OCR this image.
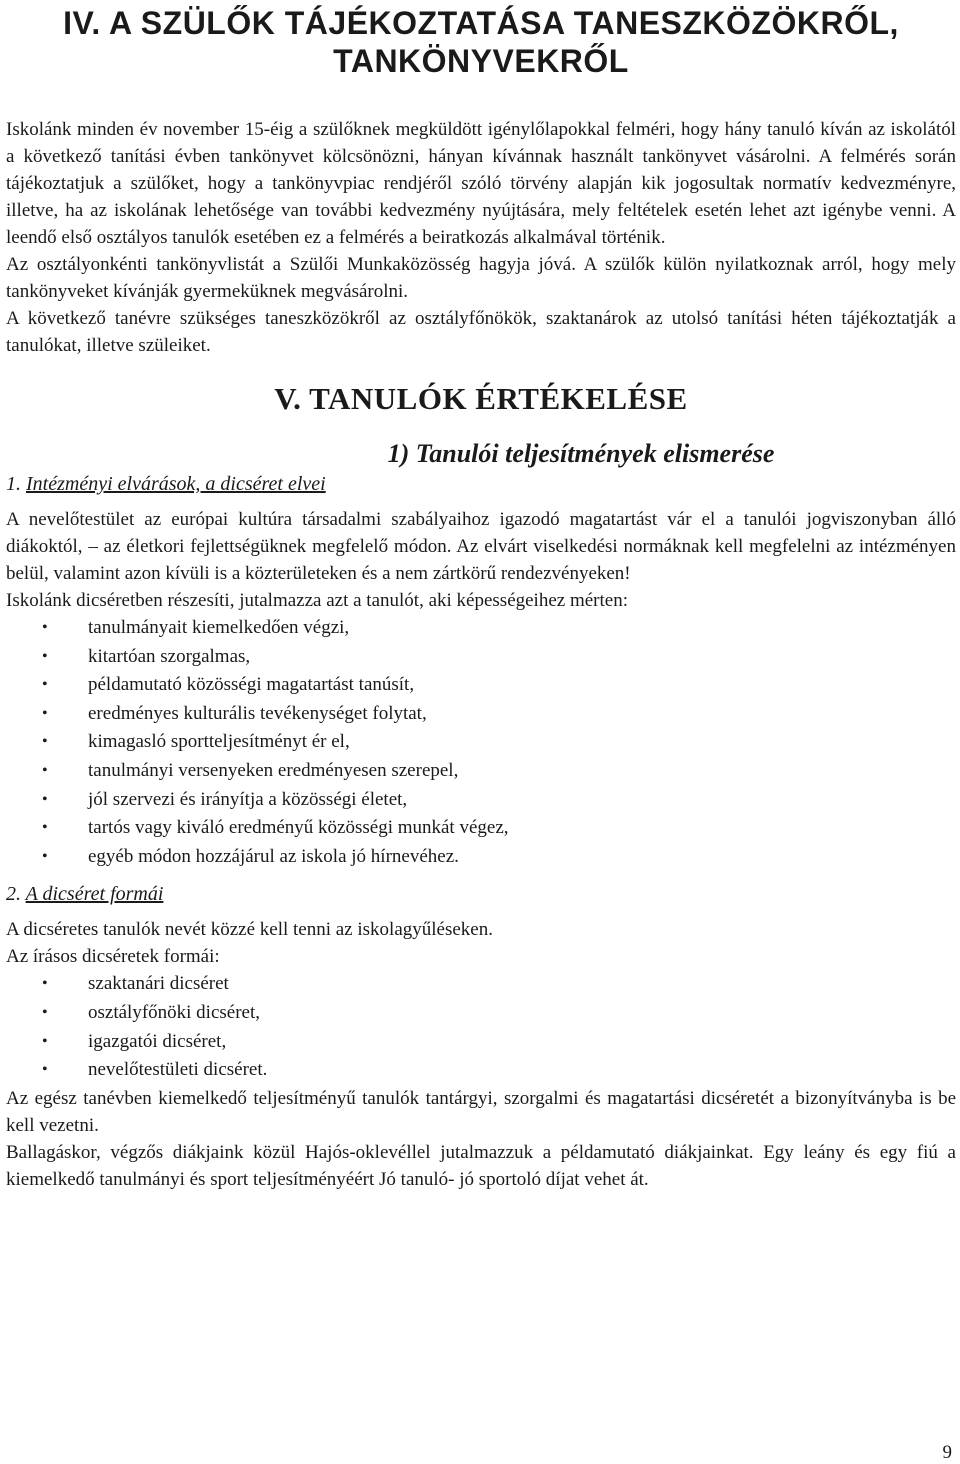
IV. A SZÜLŐK TÁJÉKOZTATÁSA TANESZKÖZÖKRŐL,
TANKÖNYVEKRŐL

Iskolánk minden év november 15-éig a szülőknek megküldött igénylőlapokkal felméri, hogy hány tanuló kíván az iskolától a következő tanítási évben tankönyvet kölcsönözni, hányan kívánnak használt tankönyvet vásárolni. A felmérés során tájékoztatjuk a szülőket, hogy a tankönyvpiac rendjéről szóló törvény alapján kik jogosultak normatív kedvezményre, illetve, ha az iskolának lehetősége van további kedvezmény nyújtására, mely feltételek esetén lehet azt igénybe venni. A leendő első osztályos tanulók esetében ez a felmérés a beiratkozás alkalmával történik.

Az osztályonkénti tankönyvlistát a Szülői Munkaközösség hagyja jóvá. A szülők külön nyilatkoznak arról, hogy mely tankönyveket kívánják gyermeküknek megvásárolni.

A következő tanévre szükséges taneszközökről az osztályfőnökök, szaktanárok az utolsó tanítási héten tájékoztatják a tanulókat, illetve szüleiket.

V. TANULÓK ÉRTÉKELÉSE
1) Tanulói teljesítmények elismerése
1. Intézményi elvárások, a dicséret elvei

A nevelőtestület az európai kultúra társadalmi szabályaihoz igazodó magatartást vár el a tanulói jogviszonyban álló diákoktól, – az életkori fejlettségüknek megfelelő módon. Az elvárt viselkedési normáknak kell megfelelni az intézményen belül, valamint azon kívüli is a közterületeken és a nem zártkörű rendezvényeken!

Iskolánk dicséretben részesíti, jutalmazza azt a tanulót, aki képességeihez mérten:

• tanulmányait kiemelkedően végzi,
• kitartóan szorgalmas,
• példamutató közösségi magatartást tanúsít,
• eredményes kulturális tevékenységet folytat,
• kimagasló sportteljesítményt ér el,
• tanulmányi versenyeken eredményesen szerepel,
• jól szervezi és irányítja a közösségi életet,
• tartós vagy kiváló eredményű közösségi munkát végez,
• egyéb módon hozzájárul az iskola jó hírnevéhez.
2. A dicséret formái

A dicséretes tanulók nevét közzé kell tenni az iskolagyűléseken.

Az írásos dicséretek formái:

• szaktanári dicséret
• osztályfőnöki dicséret,
• igazgatói dicséret,
• nevelőtestületi dicséret.

Az egész tanévben kiemelkedő teljesítményű tanulók tantárgyi, szorgalmi és magatartási dicséretét a bizonyítványba is be kell vezetni.

Ballagáskor, végzős diákjaink közül Hajós-oklevéllel jutalmazzuk a példamutató diákjainkat. Egy leány és egy fiú a kiemelkedő tanulmányi és sport teljesítményéért Jó tanuló- jó sportoló díjat vehet át.

9
